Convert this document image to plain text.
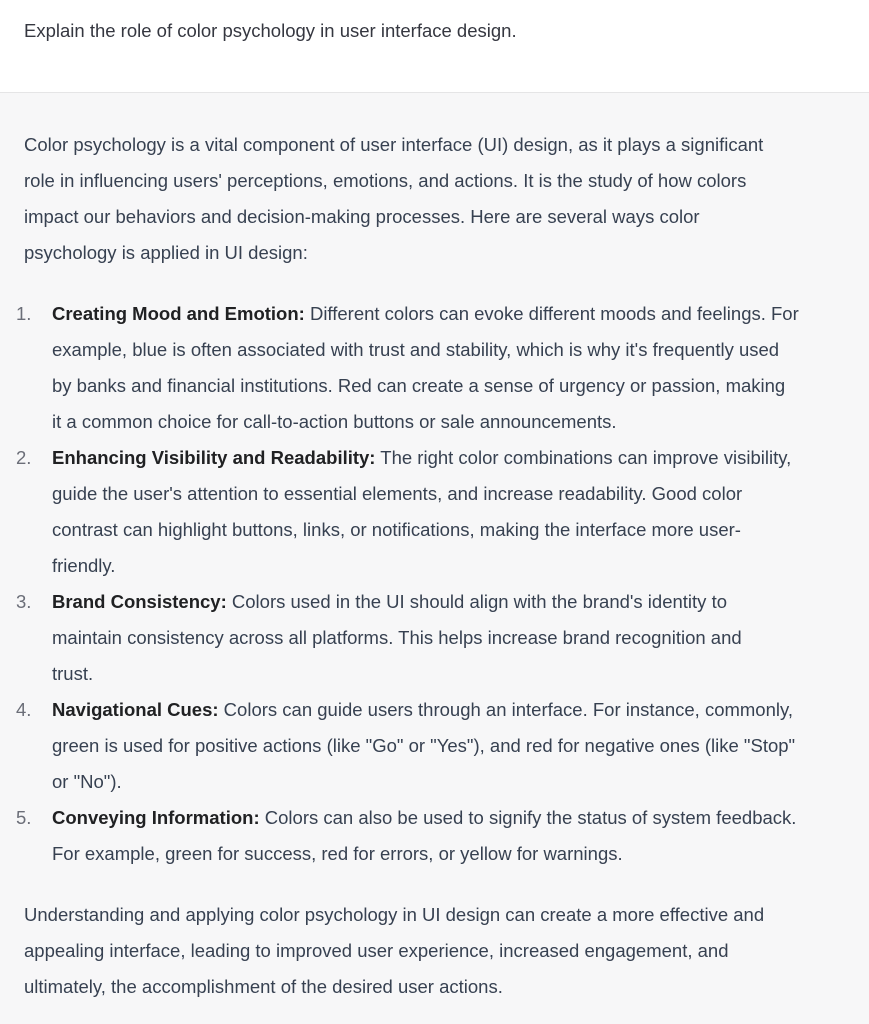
Explain the role of color psychology in user interface design.

Color psychology is a vital component of user interface (UI) design, as it plays a significant
role in influencing users' perceptions, emotions, and actions. It is the study of how colors
impact our behaviors and decision-making processes. Here are several ways color
psychology is applied in UI design:

1. Creating Mood and Emotion: Different colors can evoke different moods and feelings. For
example, blue is often associated with trust and stability, which is why it's frequently used
by banks and financial institutions. Red can create a sense of urgency or passion, making
it a common choice for call-to-action buttons or sale announcements.
2. Enhancing Visibility and Readability: The right color combinations can improve visibility,
guide the user's attention to essential elements, and increase readability. Good color
contrast can highlight buttons, links, or notifications, making the interface more user-
friendly.
3. Brand Consistency: Colors used in the UI should align with the brand's identity to
maintain consistency across all platforms. This helps increase brand recognition and
trust.
4. Navigational Cues: Colors can guide users through an interface. For instance, commonly,
green is used for positive actions (like "Go" or "Yes"), and red for negative ones (like "Stop"
or "No").
5. Conveying Information: Colors can also be used to signify the status of system feedback.
For example, green for success, red for errors, or yellow for warnings.

Understanding and applying color psychology in UI design can create a more effective and
appealing interface, leading to improved user experience, increased engagement, and
ultimately, the accomplishment of the desired user actions.
